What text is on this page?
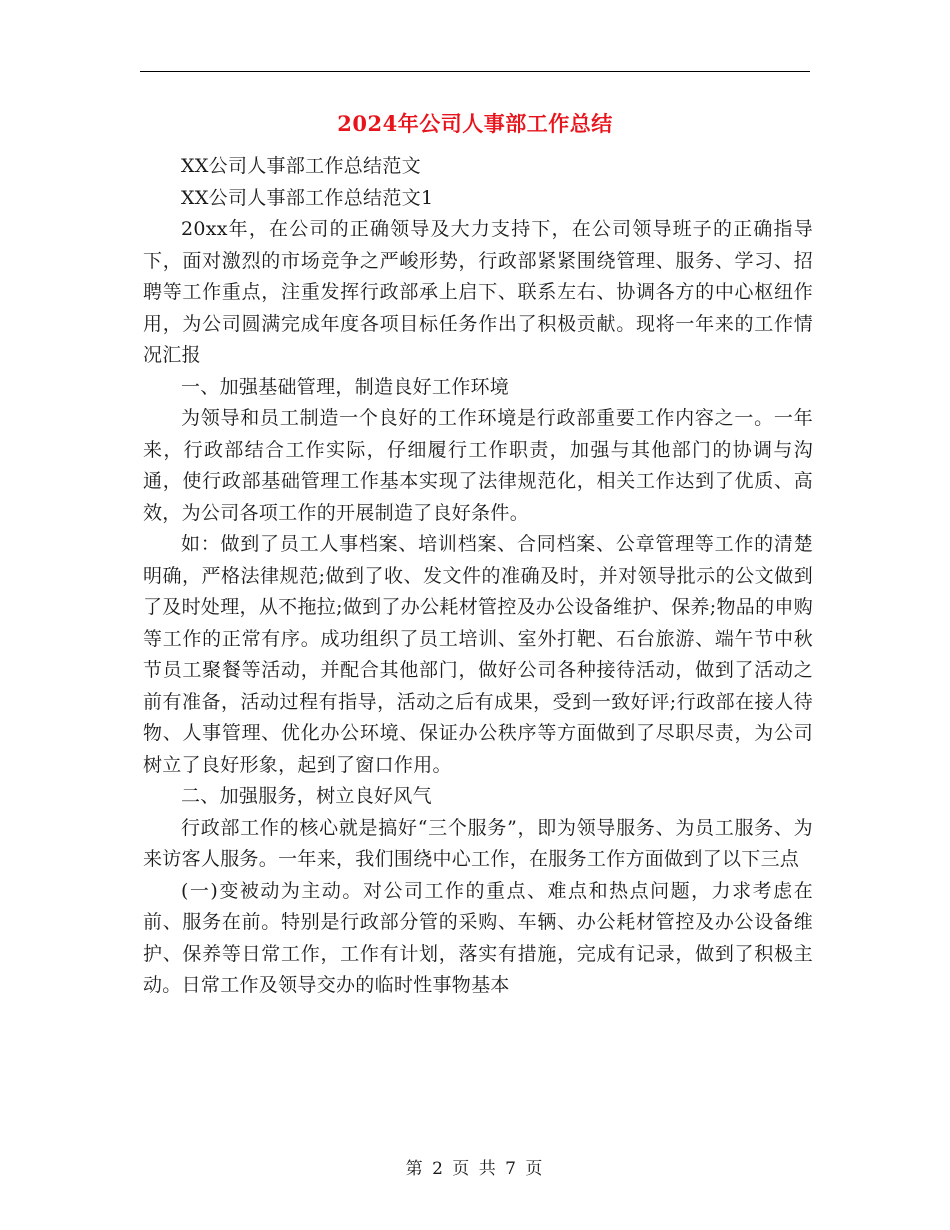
2024年公司人事部工作总结

XX公司人事部工作总结范文

XX公司人事部工作总结范文1

20xx年，在公司的正确领导及大力支持下，在公司领导班子的正确指导下，面对激烈的市场竞争之严峻形势，行政部紧紧围绕管理、服务、学习、招聘等工作重点，注重发挥行政部承上启下、联系左右、协调各方的中心枢纽作用，为公司圆满完成年度各项目标任务作出了积极贡献。现将一年来的工作情况汇报

一、加强基础管理，制造良好工作环境

为领导和员工制造一个良好的工作环境是行政部重要工作内容之一。一年来，行政部结合工作实际，仔细履行工作职责，加强与其他部门的协调与沟通，使行政部基础管理工作基本实现了法律规范化，相关工作达到了优质、高效，为公司各项工作的开展制造了良好条件。

如：做到了员工人事档案、培训档案、合同档案、公章管理等工作的清楚明确，严格法律规范;做到了收、发文件的准确及时，并对领导批示的公文做到了及时处理，从不拖拉;做到了办公耗材管控及办公设备维护、保养;物品的申购等工作的正常有序。成功组织了员工培训、室外打靶、石台旅游、端午节中秋节员工聚餐等活动，并配合其他部门，做好公司各种接待活动，做到了活动之前有准备，活动过程有指导，活动之后有成果，受到一致好评;行政部在接人待物、人事管理、优化办公环境、保证办公秩序等方面做到了尽职尽责，为公司树立了良好形象，起到了窗口作用。

二、加强服务，树立良好风气

行政部工作的核心就是搞好“三个服务”，即为领导服务、为员工服务、为来访客人服务。一年来，我们围绕中心工作，在服务工作方面做到了以下三点

(一)变被动为主动。对公司工作的重点、难点和热点问题，力求考虑在前、服务在前。特别是行政部分管的采购、车辆、办公耗材管控及办公设备维护、保养等日常工作，工作有计划，落实有措施，完成有记录，做到了积极主动。日常工作及领导交办的临时性事物基本

第 2 页 共 7 页
